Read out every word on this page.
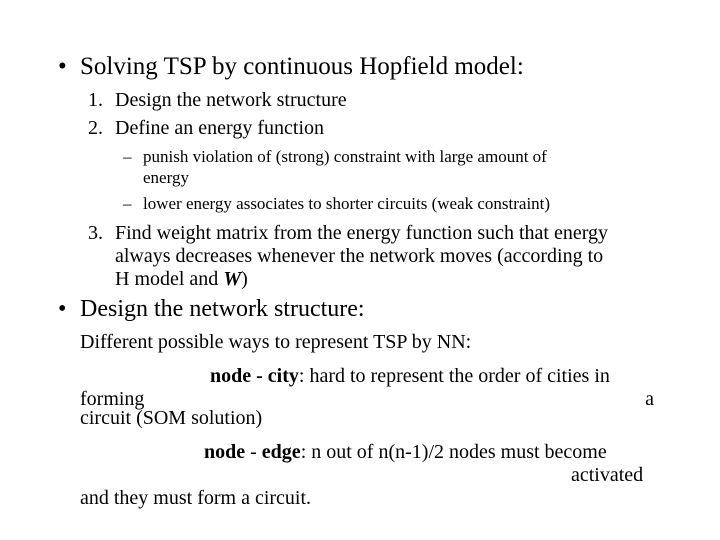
• Solving TSP by continuous Hopfield model:
1. Design the network structure
2. Define an energy function
– punish violation of (strong) constraint with large amount of
energy
– lower energy associates to shorter circuits (weak constraint)
3. Find weight matrix from the energy function such that energy
always decreases whenever the network moves (according to
H model and W)
• Design the network structure:
Different possible ways to represent TSP by NN:
node - city: hard to represent the order of cities in
forming	a
circuit (SOM solution)
node - edge: n out of n(n-1)/2 nodes must become
activated
and they must form a circuit.
